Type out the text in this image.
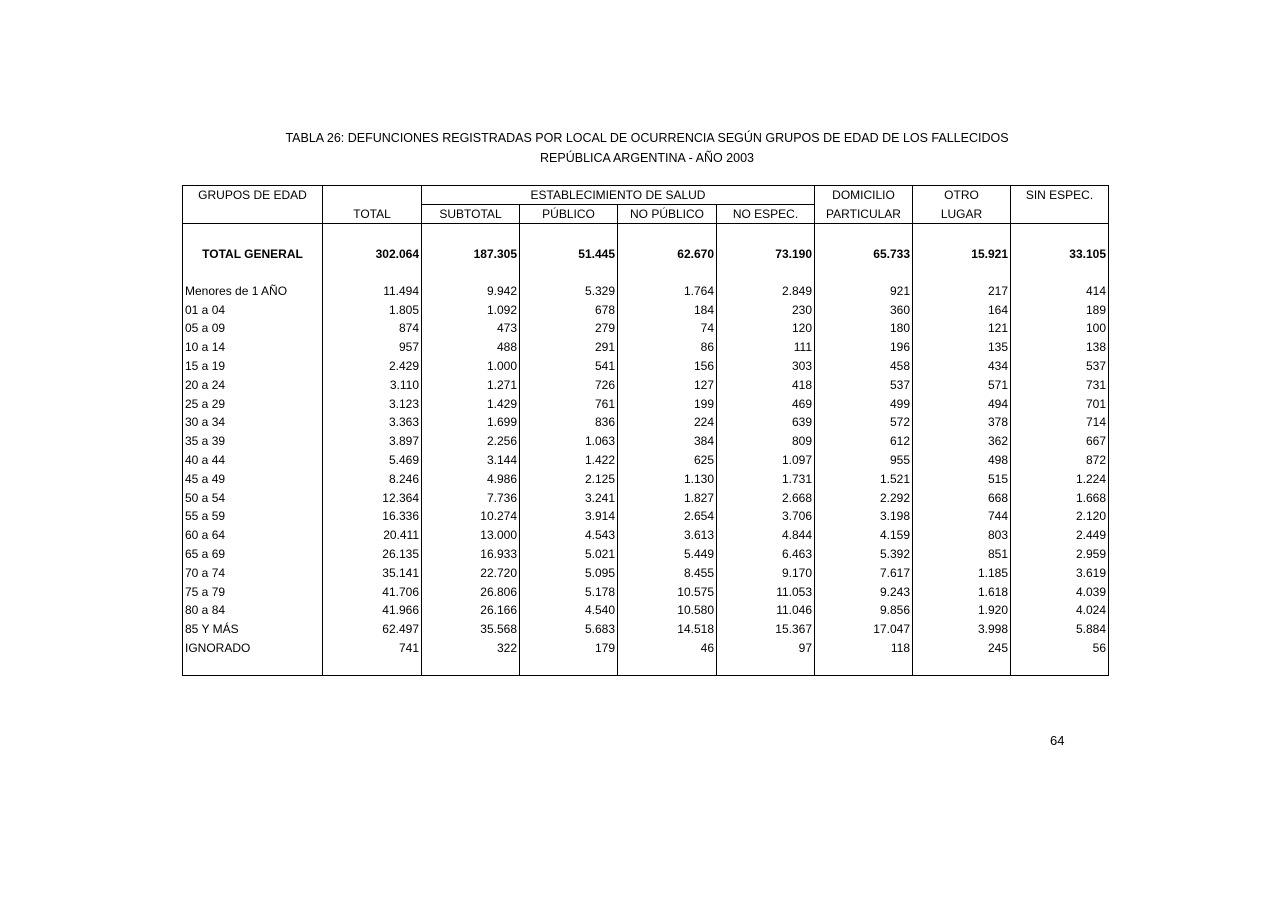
TABLA 26: DEFUNCIONES REGISTRADAS POR LOCAL DE OCURRENCIA SEGÚN GRUPOS DE EDAD DE LOS FALLECIDOS
REPÚBLICA ARGENTINA - AÑO 2003
GRUPOS DE EDAD		ESTABLECIMIENTO DE SALUD				DOMICILIO	OTRO	SIN ESPEC.
	TOTAL	SUBTOTAL	PÚBLICO	NO PÚBLICO	NO ESPEC.	PARTICULAR	LUGAR	

TOTAL GENERAL	302.064	187.305	51.445	62.670	73.190	65.733	15.921	33.105

Menores de 1 AÑO	11.494	9.942	5.329	1.764	2.849	921	217	414
01 a 04	1.805	1.092	678	184	230	360	164	189
05 a 09	874	473	279	74	120	180	121	100
10 a 14	957	488	291	86	111	196	135	138
15 a 19	2.429	1.000	541	156	303	458	434	537
20 a 24	3.110	1.271	726	127	418	537	571	731
25 a 29	3.123	1.429	761	199	469	499	494	701
30 a 34	3.363	1.699	836	224	639	572	378	714
35 a 39	3.897	2.256	1.063	384	809	612	362	667
40 a 44	5.469	3.144	1.422	625	1.097	955	498	872
45 a 49	8.246	4.986	2.125	1.130	1.731	1.521	515	1.224
50 a 54	12.364	7.736	3.241	1.827	2.668	2.292	668	1.668
55 a 59	16.336	10.274	3.914	2.654	3.706	3.198	744	2.120
60 a 64	20.411	13.000	4.543	3.613	4.844	4.159	803	2.449
65 a 69	26.135	16.933	5.021	5.449	6.463	5.392	851	2.959
70 a 74	35.141	22.720	5.095	8.455	9.170	7.617	1.185	3.619
75 a 79	41.706	26.806	5.178	10.575	11.053	9.243	1.618	4.039
80 a 84	41.966	26.166	4.540	10.580	11.046	9.856	1.920	4.024
85 Y MÁS	62.497	35.568	5.683	14.518	15.367	17.047	3.998	5.884
IGNORADO	741	322	179	46	97	118	245	56

64
